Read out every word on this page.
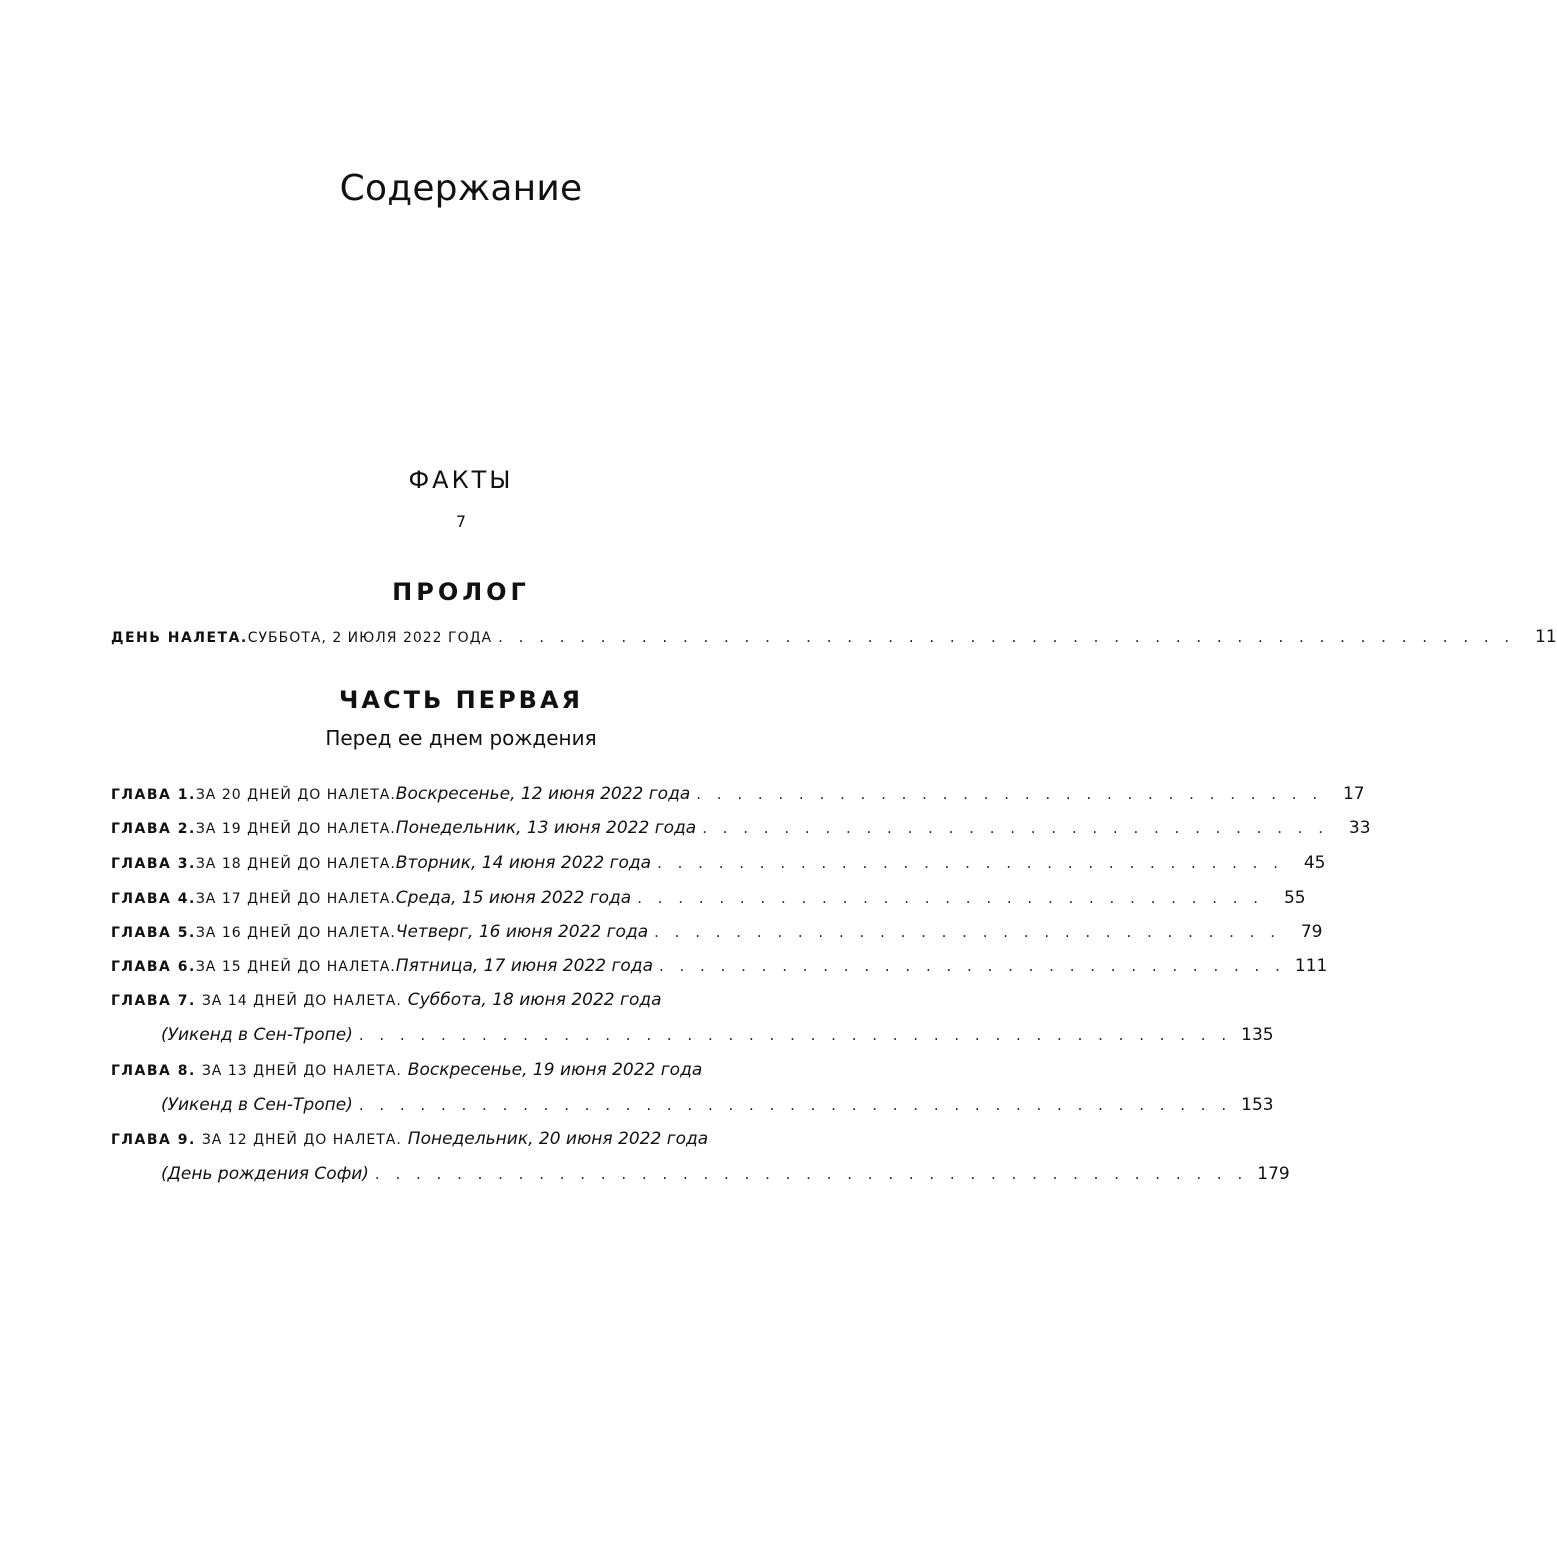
Содержание
ФАКТЫ
7
ПРОЛОГ
ДЕНЬ НАЛЕТА. СУББОТА, 2 ИЮЛЯ 2022 ГОДА . . . . . . . . . . . . . . . . . . . . . . . . . . . . . . . . . . . . . . . . . . . . . . . . . .	11
ЧАСТЬ ПЕРВАЯ
Перед ее днем рождения
ГЛАВА 1. ЗА 20 ДНЕЙ ДО НАЛЕТА. Воскресенье, 12 июня 2022 года . . . . . . . . . . . . . . . . . . . . . . . . . . . . . . .	17
ГЛАВА 2. ЗА 19 ДНЕЙ ДО НАЛЕТА. Понедельник, 13 июня 2022 года . . . . . . . . . . . . . . . . . . . . . . . . . . . . . . .	33
ГЛАВА 3. ЗА 18 ДНЕЙ ДО НАЛЕТА. Вторник, 14 июня 2022 года . . . . . . . . . . . . . . . . . . . . . . . . . . . . . . .	45
ГЛАВА 4. ЗА 17 ДНЕЙ ДО НАЛЕТА. Среда, 15 июня 2022 года . . . . . . . . . . . . . . . . . . . . . . . . . . . . . . .	55
ГЛАВА 5. ЗА 16 ДНЕЙ ДО НАЛЕТА. Четверг, 16 июня 2022 года . . . . . . . . . . . . . . . . . . . . . . . . . . . . . . .	79
ГЛАВА 6. ЗА 15 ДНЕЙ ДО НАЛЕТА. Пятница, 17 июня 2022 года . . . . . . . . . . . . . . . . . . . . . . . . . . . . . . . 111
ГЛАВА 7. ЗА 14 ДНЕЙ ДО НАЛЕТА. Суббота, 18 июня 2022 года
(Уикенд в Сен-Тропе) . . . . . . . . . . . . . . . . . . . . . . . . . . . . . . . . . . . . . . . . . . . 135
ГЛАВА 8. ЗА 13 ДНЕЙ ДО НАЛЕТА. Воскресенье, 19 июня 2022 года
(Уикенд в Сен-Тропе) . . . . . . . . . . . . . . . . . . . . . . . . . . . . . . . . . . . . . . . . . . . 153
ГЛАВА 9. ЗА 12 ДНЕЙ ДО НАЛЕТА. Понедельник, 20 июня 2022 года
(День рождения Софи) . . . . . . . . . . . . . . . . . . . . . . . . . . . . . . . . . . . . . . . . . . . 179
